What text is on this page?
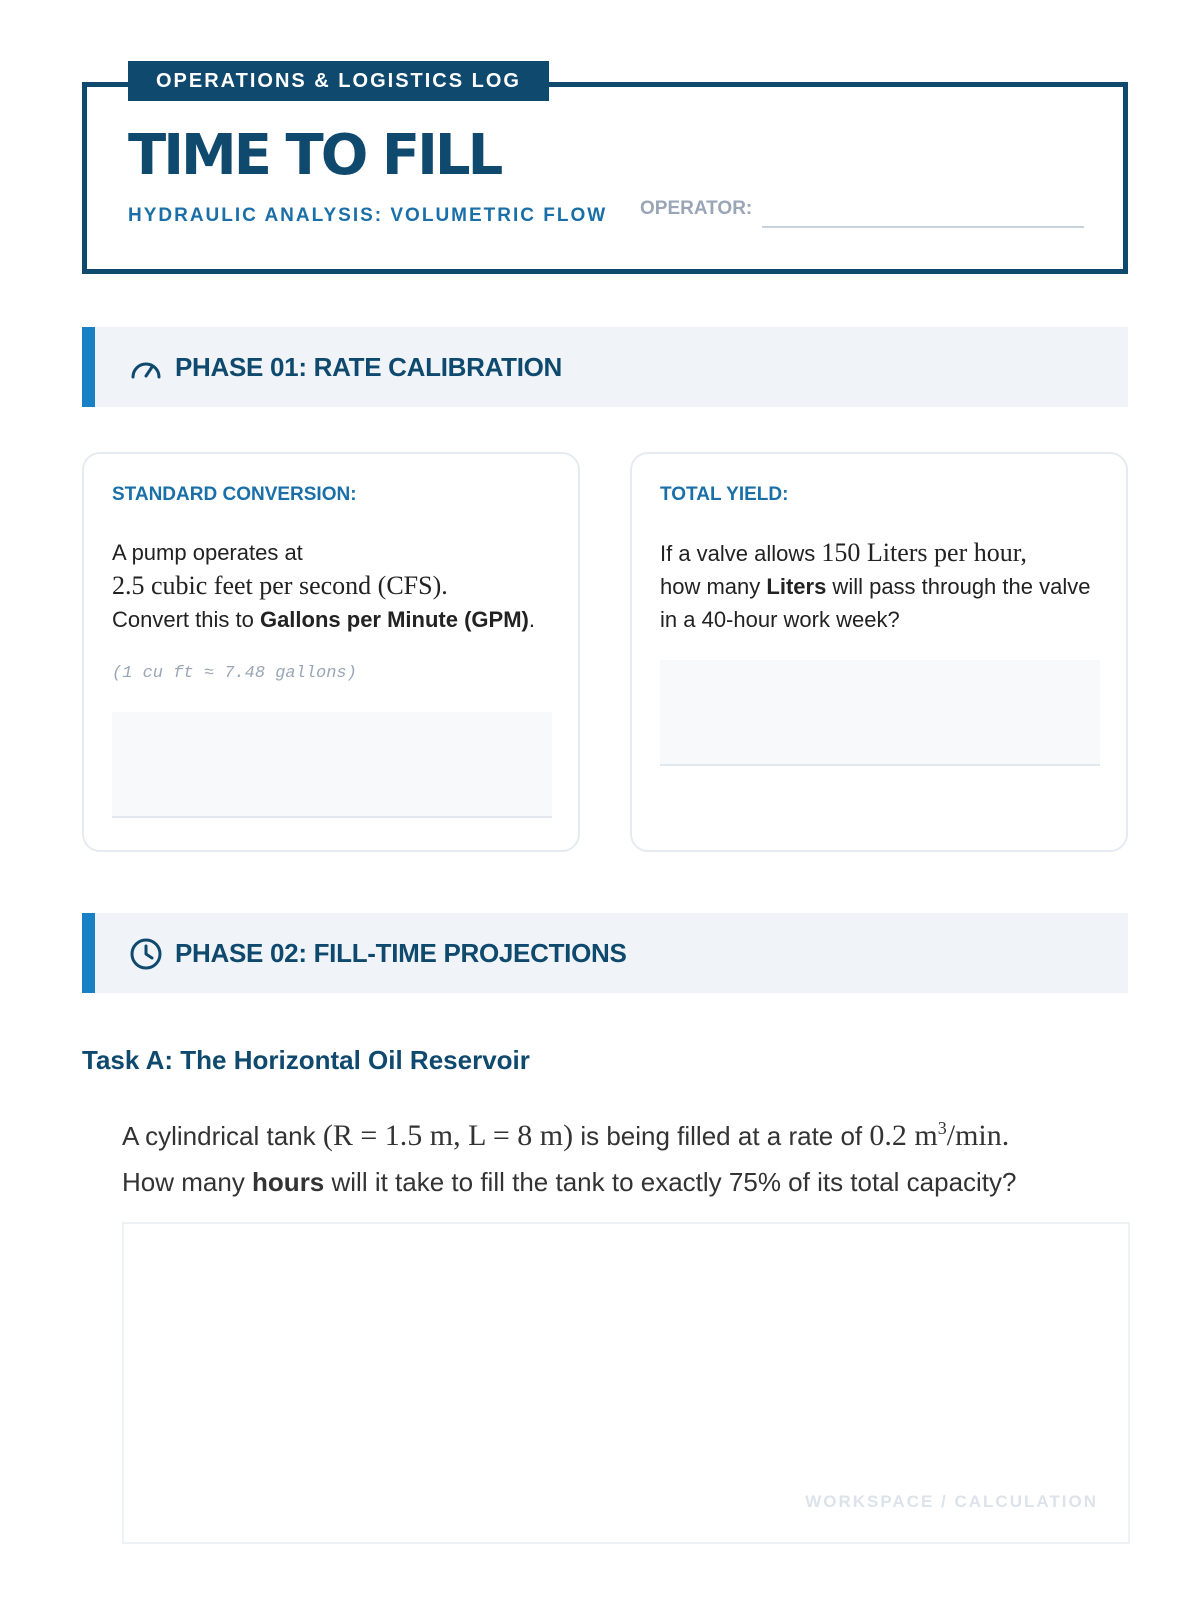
OPERATIONS & LOGISTICS LOG
TIME TO FILL
HYDRAULIC ANALYSIS: VOLUMETRIC FLOW OPERATOR:
PHASE 01: RATE CALIBRATION
STANDARD CONVERSION:
A pump operates at
2.5 cubic feet per second (CFS).
Convert this to Gallons per Minute (GPM).
(1 cu ft ≈ 7.48 gallons)
TOTAL YIELD:
If a valve allows 150 Liters per hour,
how many Liters will pass through the valve in a 40-hour work week?
PHASE 02: FILL-TIME PROJECTIONS
Task A: The Horizontal Oil Reservoir
A cylindrical tank (R = 1.5 m, L = 8 m) is being filled at a rate of 0.2 $m^3/\min$.
How many hours will it take to fill the tank to exactly 75% of its total capacity?
WORKSPACE / CALCULATION
